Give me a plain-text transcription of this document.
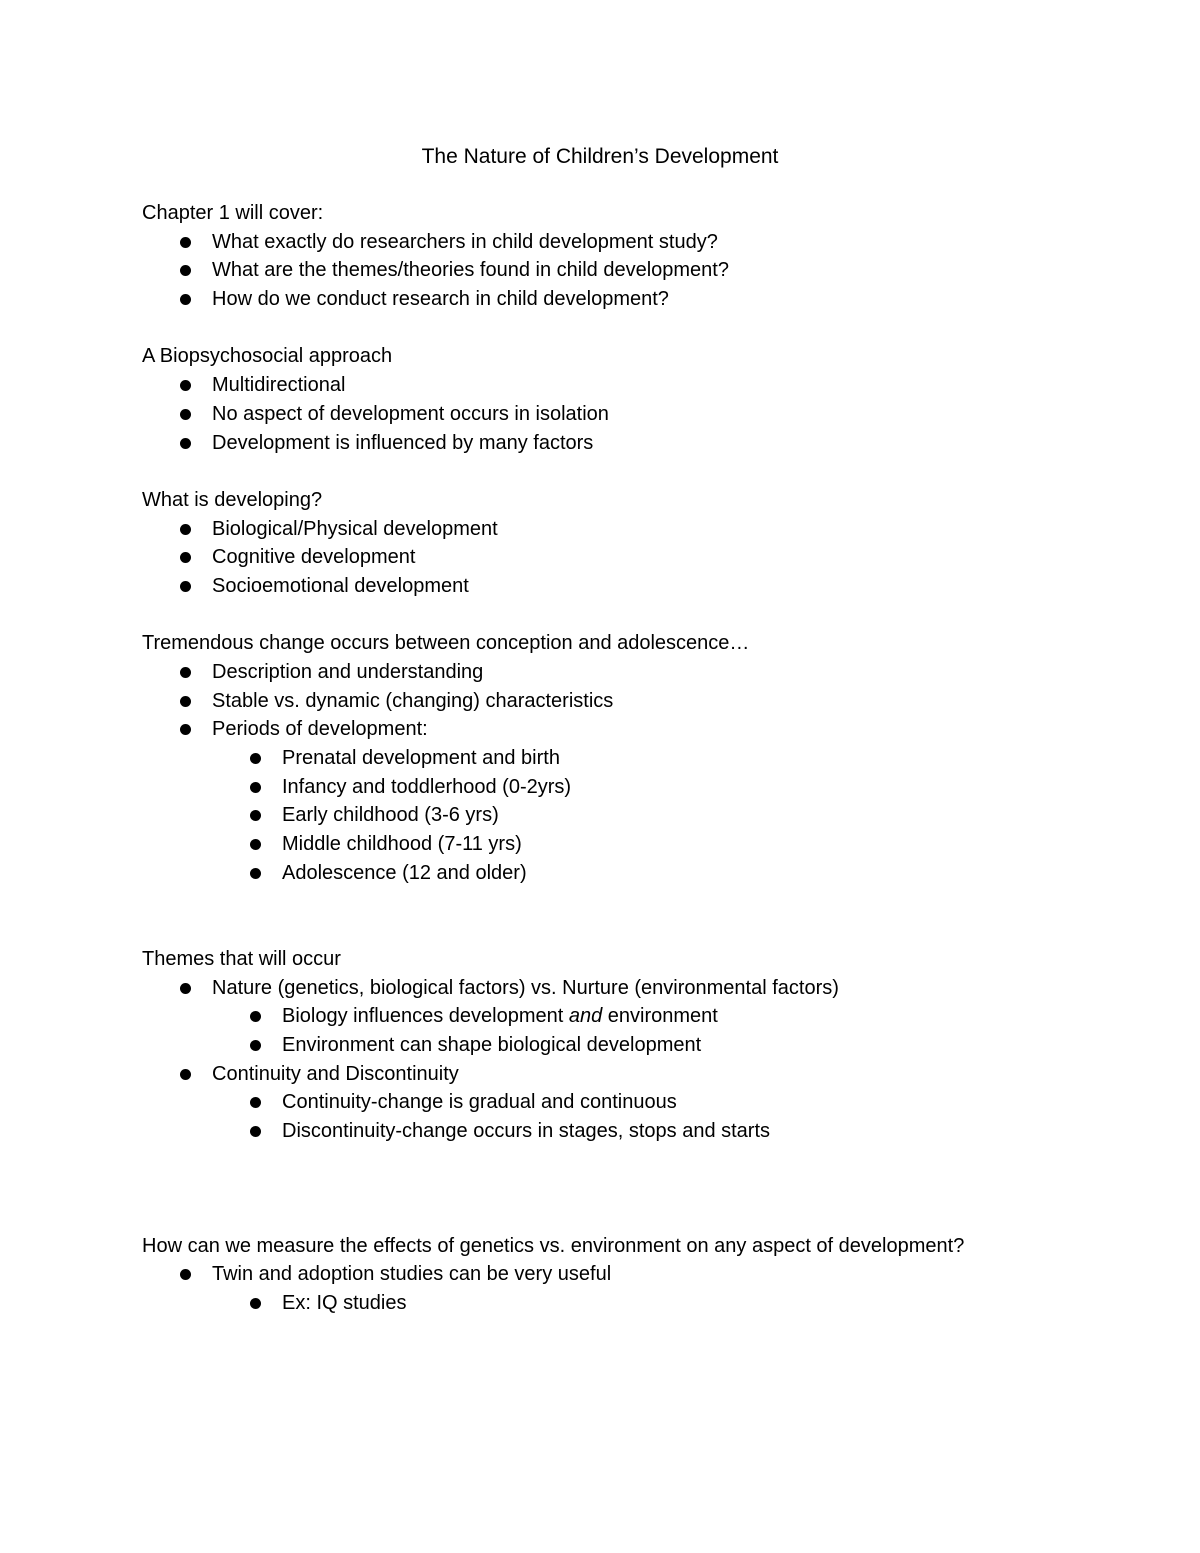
The Nature of Children’s Development
Chapter 1 will cover:
What exactly do researchers in child development study?
What are the themes/theories found in child development?
How do we conduct research in child development?
A Biopsychosocial approach
Multidirectional
No aspect of development occurs in isolation
Development is influenced by many factors
What is developing?
Biological/Physical development
Cognitive development
Socioemotional development
Tremendous change occurs between conception and adolescence…
Description and understanding
Stable vs. dynamic (changing) characteristics
Periods of development:
Prenatal development and birth
Infancy and toddlerhood (0-2yrs)
Early childhood (3-6 yrs)
Middle childhood (7-11 yrs)
Adolescence (12 and older)
Themes that will occur
Nature (genetics, biological factors) vs. Nurture (environmental factors)
Biology influences development and environment
Environment can shape biological development
Continuity and Discontinuity
Continuity-change is gradual and continuous
Discontinuity-change occurs in stages, stops and starts
How can we measure the effects of genetics vs. environment on any aspect of development?
Twin and adoption studies can be very useful
Ex: IQ studies
